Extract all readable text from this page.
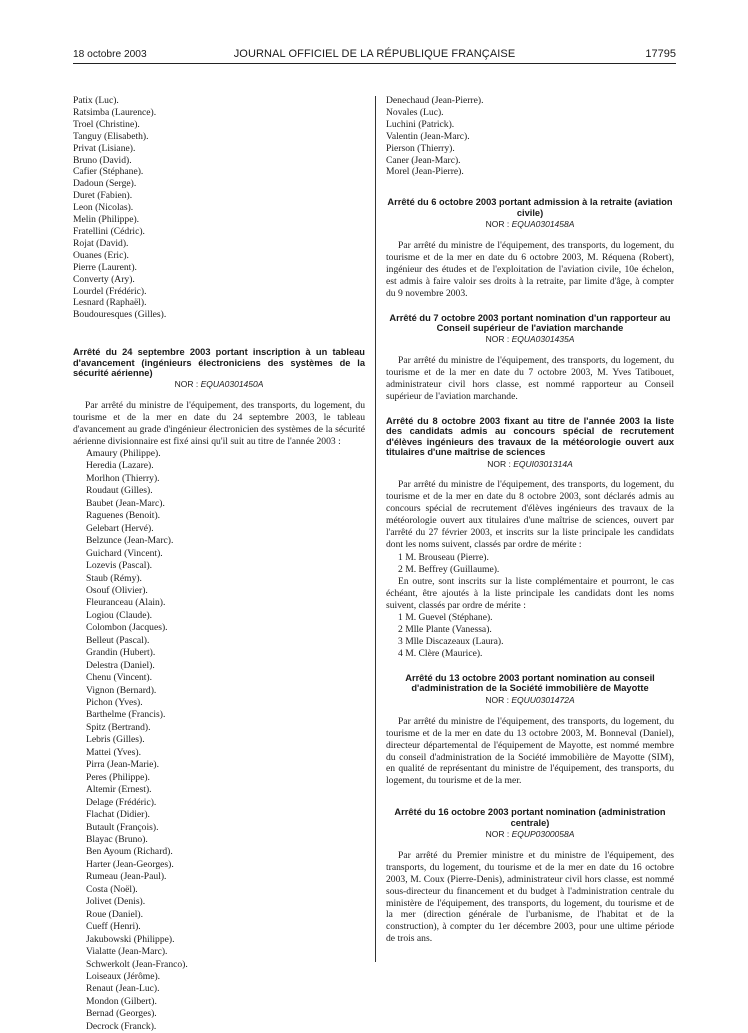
18 octobre 2003	JOURNAL OFFICIEL DE LA RÉPUBLIQUE FRANÇAISE	17795
Patix (Luc).
Ratsimba (Laurence).
Troel (Christine).
Tanguy (Elisabeth).
Privat (Lisiane).
Bruno (David).
Cafier (Stéphane).
Dadoun (Serge).
Duret (Fabien).
Leon (Nicolas).
Melin (Philippe).
Fratellini (Cédric).
Rojat (David).
Ouanes (Eric).
Pierre (Laurent).
Converty (Ary).
Lourdel (Frédéric).
Lesnard (Raphaël).
Boudouresques (Gilles).
Arrêté du 24 septembre 2003 portant inscription à un tableau d'avancement (ingénieurs électroniciens des systèmes de la sécurité aérienne)
NOR : EQUA0301450A

Par arrêté du ministre de l'équipement, des transports, du logement, du tourisme et de la mer en date du 24 septembre 2003, le tableau d'avancement au grade d'ingénieur électronicien des systèmes de la sécurité aérienne divisionnaire est fixé ainsi qu'il suit au titre de l'année 2003 :

Amaury (Philippe).
Heredia (Lazare).
Morlhon (Thierry).
Roudaut (Gilles).
Baubet (Jean-Marc).
Raguenes (Benoit).
Gelebart (Hervé).
Belzunce (Jean-Marc).
Guichard (Vincent).
Lozevis (Pascal).
Staub (Rémy).
Osouf (Olivier).
Fleuranceau (Alain).
Logiou (Claude).
Colombon (Jacques).
Belleut (Pascal).
Grandin (Hubert).
Delestra (Daniel).
Chenu (Vincent).
Vignon (Bernard).
Pichon (Yves).
Barthelme (Francis).
Spitz (Bertrand).
Lebris (Gilles).
Mattei (Yves).
Pirra (Jean-Marie).
Peres (Philippe).
Altemir (Ernest).
Delage (Frédéric).
Flachat (Didier).
Butault (François).
Blayac (Bruno).
Ben Ayoum (Richard).
Harter (Jean-Georges).
Rumeau (Jean-Paul).
Costa (Noël).
Jolivet (Denis).
Roue (Daniel).
Cueff (Henri).
Jakubowski (Philippe).
Vialatte (Jean-Marc).
Schwerkolt (Jean-Franco).
Loiseaux (Jérôme).
Renaut (Jean-Luc).
Mondon (Gilbert).
Bernad (Georges).
Decrock (Franck).
Denechaud (Jean-Pierre).
Novales (Luc).
Luchini (Patrick).
Valentin (Jean-Marc).
Pierson (Thierry).
Caner (Jean-Marc).
Morel (Jean-Pierre).
Arrêté du 6 octobre 2003 portant admission à la retraite (aviation civile)
NOR : EQUA0301458A

Par arrêté du ministre de l'équipement, des transports, du logement, du tourisme et de la mer en date du 6 octobre 2003, M. Réquena (Robert), ingénieur des études et de l'exploitation de l'aviation civile, 10e échelon, est admis à faire valoir ses droits à la retraite, par limite d'âge, à compter du 9 novembre 2003.

Arrêté du 7 octobre 2003 portant nomination d'un rapporteur au Conseil supérieur de l'aviation marchande
NOR : EQUA0301435A

Par arrêté du ministre de l'équipement, des transports, du logement, du tourisme et de la mer en date du 7 octobre 2003, M. Yves Tatibouet, administrateur civil hors classe, est nommé rapporteur au Conseil supérieur de l'aviation marchande.

Arrêté du 8 octobre 2003 fixant au titre de l'année 2003 la liste des candidats admis au concours spécial de recrutement d'élèves ingénieurs des travaux de la météorologie ouvert aux titulaires d'une maîtrise de sciences
NOR : EQUI0301314A

Par arrêté du ministre de l'équipement, des transports, du logement, du tourisme et de la mer en date du 8 octobre 2003, sont déclarés admis au concours spécial de recrutement d'élèves ingénieurs des travaux de la météorologie ouvert aux titulaires d'une maîtrise de sciences, ouvert par l'arrêté du 27 février 2003, et inscrits sur la liste principale les candidats dont les noms suivent, classés par ordre de mérite :

1 M. Brouseau (Pierre).
2 M. Beffrey (Guillaume).

En outre, sont inscrits sur la liste complémentaire et pourront, le cas échéant, être ajoutés à la liste principale les candidats dont les noms suivent, classés par ordre de mérite :

1 M. Guevel (Stéphane).
2 Mlle Plante (Vanessa).
3 Mlle Discazeaux (Laura).
4 M. Clère (Maurice).
Arrêté du 13 octobre 2003 portant nomination au conseil d'administration de la Société immobilière de Mayotte
NOR : EQUU0301472A

Par arrêté du ministre de l'équipement, des transports, du logement, du tourisme et de la mer en date du 13 octobre 2003, M. Bonneval (Daniel), directeur départemental de l'équipement de Mayotte, est nommé membre du conseil d'administration de la Société immobilière de Mayotte (SIM), en qualité de représentant du ministre de l'équipement, des transports, du logement, du tourisme et de la mer.

Arrêté du 16 octobre 2003 portant nomination (administration centrale)
NOR : EQUP0300058A

Par arrêté du Premier ministre et du ministre de l'équipement, des transports, du logement, du tourisme et de la mer en date du 16 octobre 2003, M. Coux (Pierre-Denis), administrateur civil hors classe, est nommé sous-directeur du financement et du budget à l'administration centrale du ministère de l'équipement, des transports, du logement, du tourisme et de la mer (direction générale de l'urbanisme, de l'habitat et de la construction), à compter du 1er décembre 2003, pour une ultime période de trois ans.
